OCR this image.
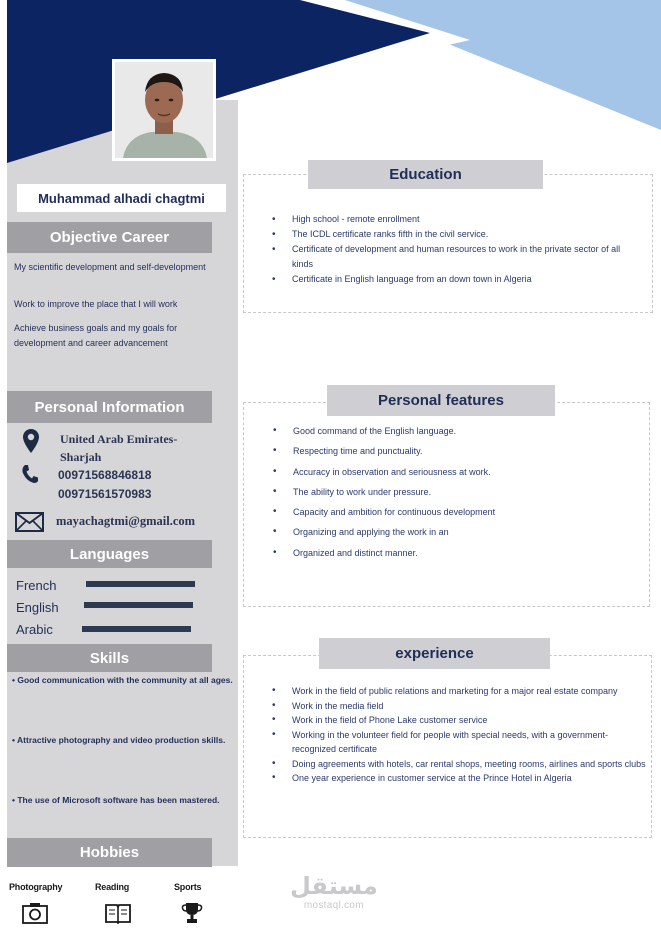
Muhammad alhadi chagtmi
Objective Career
My scientific development and self-development
Work to improve the place that I will work
Achieve business goals and my goals for development and career advancement
Personal Information
United Arab Emirates-
Sharjah
00971568846818
00971561570983
mayachagtmi@gmail.com
Languages
French
English
Arabic
Skills
• Good communication with the community at all ages.
• Attractive photography and video production skills.
• The use of Microsoft software has been mastered.
Hobbies
Photography	Reading	Sports
Education
• High school - remote enrollment
• The ICDL certificate ranks fifth in the civil service.
• Certificate of development and human resources to work in the private sector of all kinds
• Certificate in English language from an down town in Algeria
Personal features
• Good command of the English language.
• Respecting time and punctuality.
• Accuracy in observation and seriousness at work.
• The ability to work under pressure.
• Capacity and ambition for continuous development
• Organizing and applying the work in an
• Organized and distinct manner.
experience
• Work in the field of public relations and marketing for a major real estate company
• Work in the media field
• Work in the field of Phone Lake customer service
• Working in the volunteer field for people with special needs, with a government-recognized certificate
• Doing agreements with hotels, car rental shops, meeting rooms, airlines and sports clubs
• One year experience in customer service at the Prince Hotel in Algeria
مستقل
mostaql.com
